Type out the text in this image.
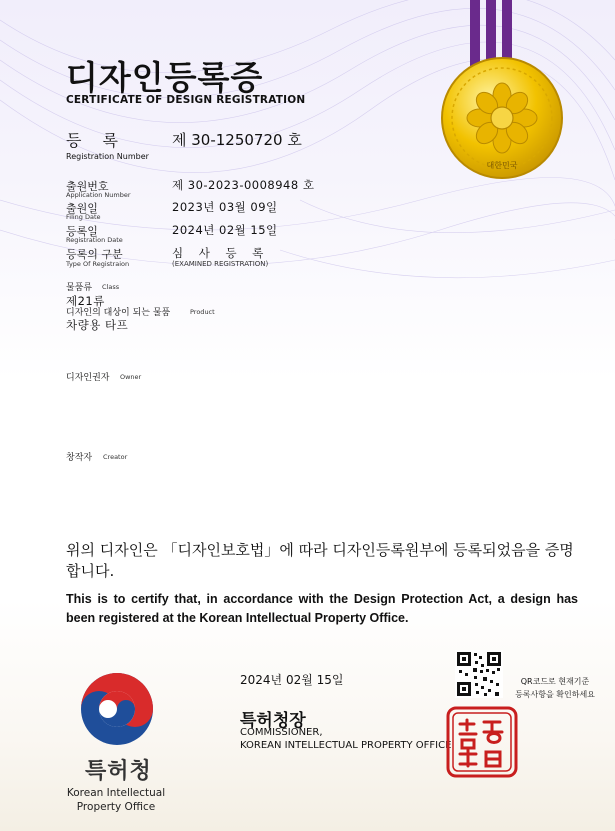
대한민국
디자인등록증
CERTIFICATE OF DESIGN REGISTRATION
등 록
Registration Number
제 30-1250720 호
출원번호
Application Number
제 30-2023-0008948 호
출원일
Filing Date
2023년 03월 09일
등록일
Registration Date
2024년 02월 15일
등록의 구분
Type Of Registraion
심 사 등 록
(EXAMINED REGISTRATION)
물품류 Class
제21류
디자인의 대상이 되는 물품	Product
차량용 타프
디자인권자 Owner
창작자 Creator
위의 디자인은 「디자인보호법」에 따라 디자인등록원부에 등록되었음을 증명합니다.
This is to certify that, in accordance with the Design Protection Act, a design has been registered at the Korean Intellectual Property Office.
2024년 02월 15일
특허청장
COMMISSIONER,
KOREAN INTELLECTUAL PROPERTY OFFICE
QR코드로 현재기준
등록사항을 확인하세요
특허청
Korean Intellectual Property Office
